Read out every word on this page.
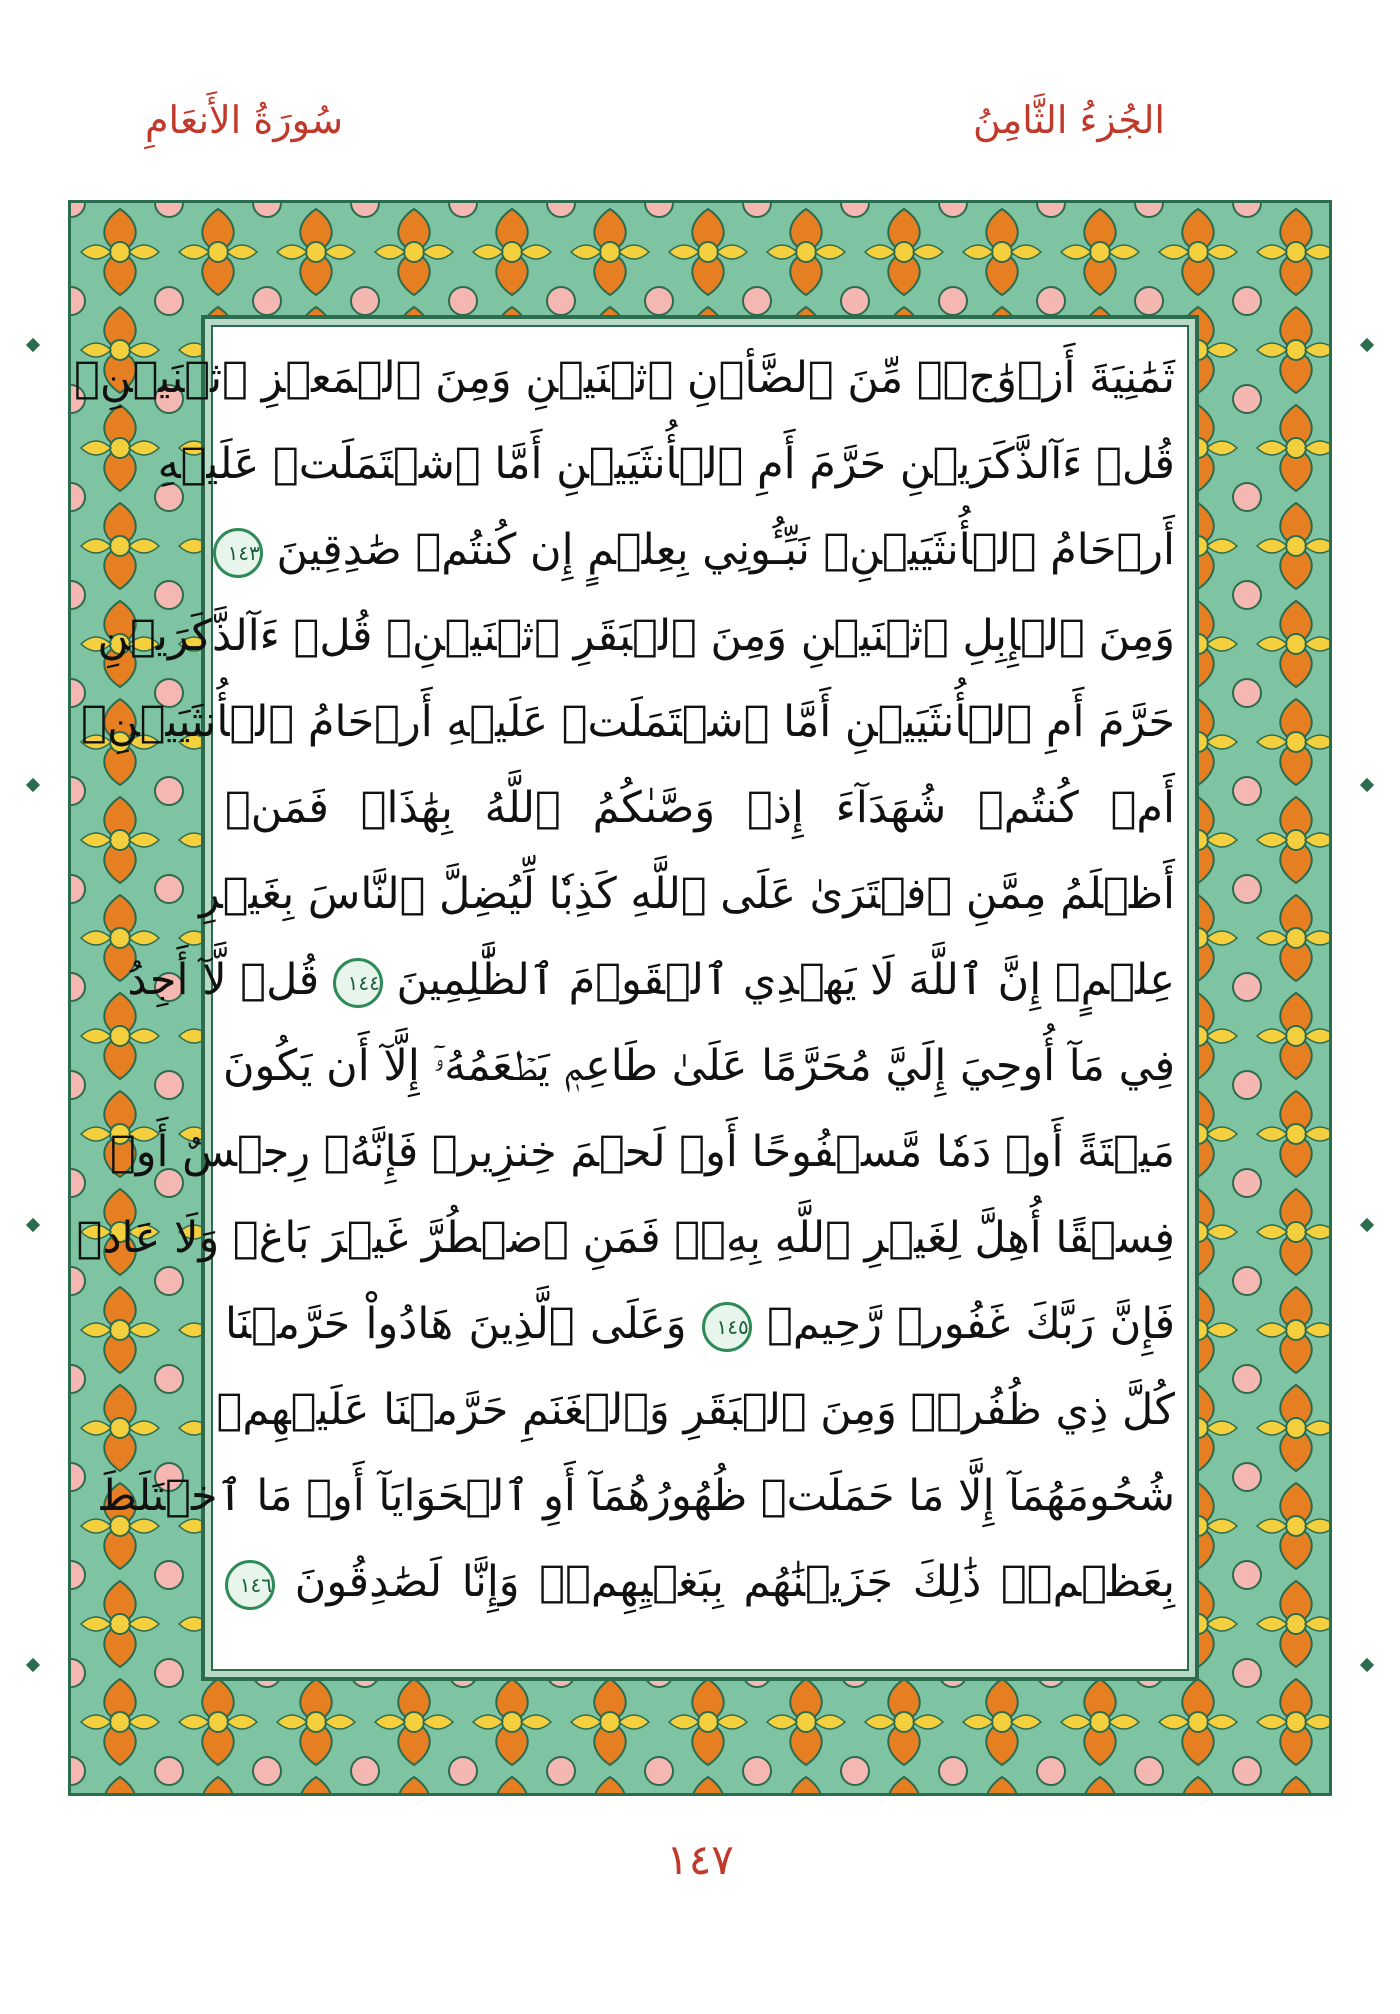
الجُزءُ الثَّامِنُ
سُورَةُ الأَنعَامِ
ثَمَٰنِيَةَ أَزۡوَٰجٖۖ مِّنَ ٱلضَّأۡنِ ٱثۡنَيۡنِ وَمِنَ ٱلۡمَعۡزِ ٱثۡنَيۡنِۗ
قُلۡ ءَآلذَّكَرَيۡنِ حَرَّمَ أَمِ ٱلۡأُنثَيَيۡنِ أَمَّا ٱشۡتَمَلَتۡ عَلَيۡهِ
أَرۡحَامُ ٱلۡأُنثَيَيۡنِۖ نَبِّـُٔونِي بِعِلۡمٍ إِن كُنتُمۡ صَٰدِقِينَ ١٤٣
وَمِنَ ٱلۡإِبِلِ ٱثۡنَيۡنِ وَمِنَ ٱلۡبَقَرِ ٱثۡنَيۡنِۗ قُلۡ ءَآلذَّكَرَيۡنِ
حَرَّمَ أَمِ ٱلۡأُنثَيَيۡنِ أَمَّا ٱشۡتَمَلَتۡ عَلَيۡهِ أَرۡحَامُ ٱلۡأُنثَيَيۡنِۖ
أَمۡ كُنتُمۡ شُهَدَآءَ إِذۡ وَصَّىٰكُمُ ٱللَّهُ بِهَٰذَاۚ فَمَنۡ
أَظۡلَمُ مِمَّنِ ٱفۡتَرَىٰ عَلَى ٱللَّهِ كَذِبٗا لِّيُضِلَّ ٱلنَّاسَ بِغَيۡرِ
عِلۡمٍۚ إِنَّ ٱللَّهَ لَا يَهۡدِي ٱلۡقَوۡمَ ٱلظَّٰلِمِينَ ١٤٤ قُلۡ لَّآ أَجِدُ
فِي مَآ أُوحِيَ إِلَيَّ مُحَرَّمًا عَلَىٰ طَاعِمٖ يَطۡعَمُهُۥٓ إِلَّآ أَن يَكُونَ
مَيۡتَةً أَوۡ دَمٗا مَّسۡفُوحًا أَوۡ لَحۡمَ خِنزِيرٖ فَإِنَّهُۥ رِجۡسٌ أَوۡ
فِسۡقًا أُهِلَّ لِغَيۡرِ ٱللَّهِ بِهِۦۚ فَمَنِ ٱضۡطُرَّ غَيۡرَ بَاغٖ وَلَا عَادٖ
فَإِنَّ رَبَّكَ غَفُورٞ رَّحِيمٞ ١٤٥ وَعَلَى ٱلَّذِينَ هَادُواْ حَرَّمۡنَا
كُلَّ ذِي ظُفُرٖۖ وَمِنَ ٱلۡبَقَرِ وَٱلۡغَنَمِ حَرَّمۡنَا عَلَيۡهِمۡ
شُحُومَهُمَآ إِلَّا مَا حَمَلَتۡ ظُهُورُهُمَآ أَوِ ٱلۡحَوَايَآ أَوۡ مَا ٱخۡتَلَطَ
بِعَظۡمٖۚ ذَٰلِكَ جَزَيۡنَٰهُم بِبَغۡيِهِمۡۖ وَإِنَّا لَصَٰدِقُونَ ١٤٦
١٤٧
